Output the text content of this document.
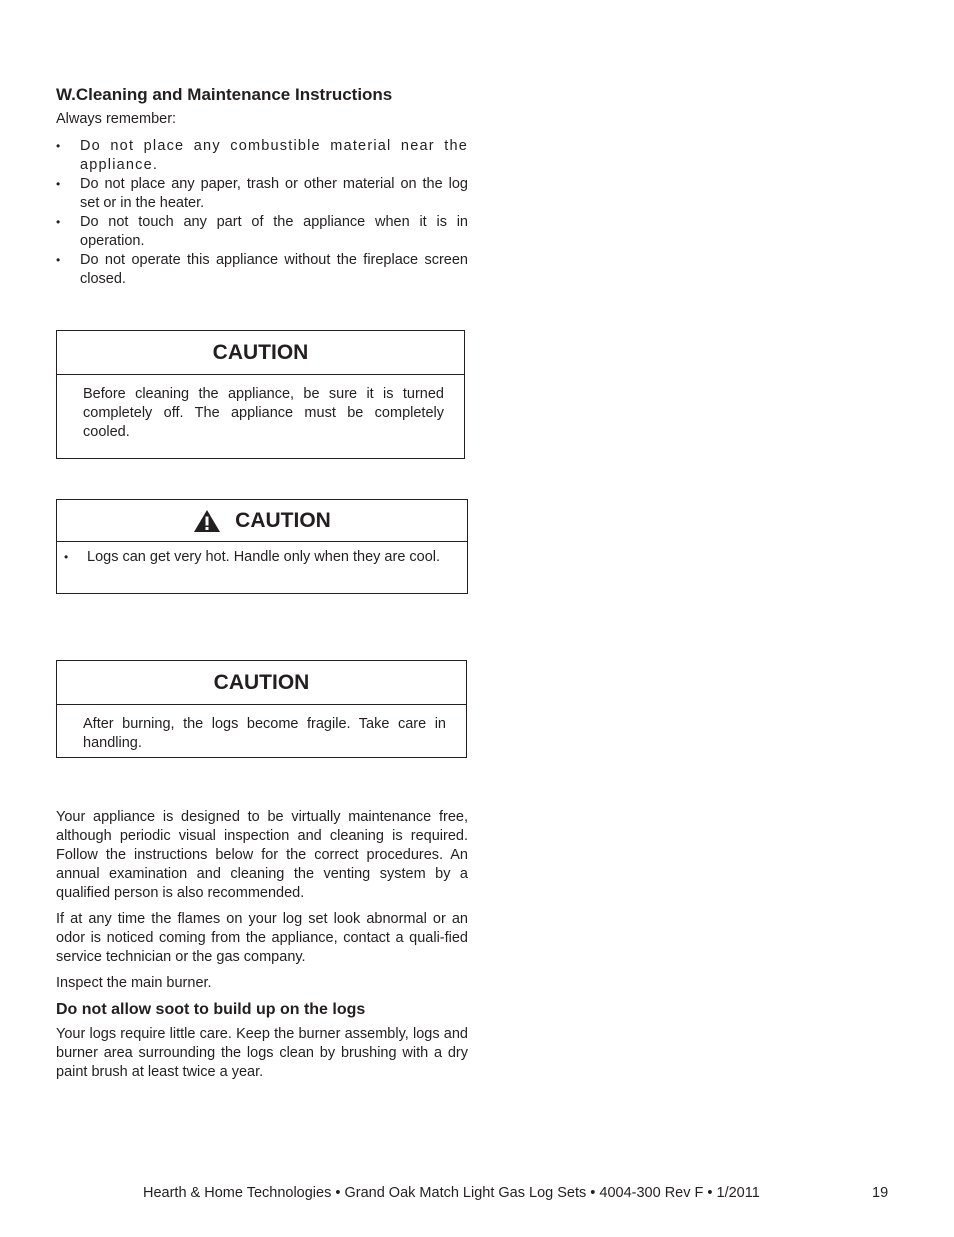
W.Cleaning and Maintenance Instructions

Always remember:

• Do not place any combustible material near the appliance.
• Do not place any paper, trash or other material on the log set or in the heater.
• Do not touch any part of the appliance when it is in operation.
• Do not operate this appliance without the fireplace screen closed.
CAUTION
Before cleaning the appliance, be sure it is turned completely off. The appliance must be completely cooled.
CAUTION
• Logs can get very hot. Handle only when they are cool.
CAUTION
After burning, the logs become fragile. Take care in handling.

Your appliance is designed to be virtually maintenance free, although periodic visual inspection and cleaning is required. Follow the instructions below for the correct procedures. An annual examination and cleaning the venting system by a qualified person is also recommended.

If at any time the flames on your log set look abnormal or an odor is noticed coming from the appliance, contact a quali-fied service technician or the gas company.

Inspect the main burner.

Do not allow soot to build up on the logs

Your logs require little care. Keep the burner assembly, logs and burner area surrounding the logs clean by brushing with a dry paint brush at least twice a year.

Hearth & Home Technologies • Grand Oak Match Light Gas Log Sets • 4004-300 Rev F • 1/2011	19
